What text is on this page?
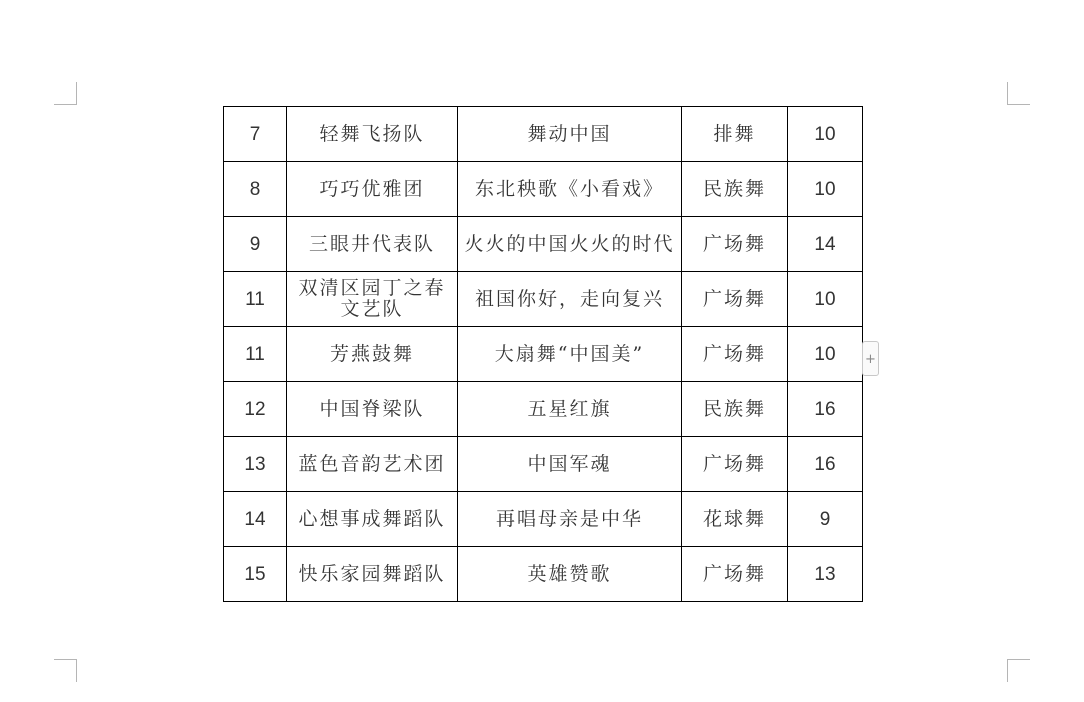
7	轻舞飞扬队	舞动中国	排舞	10
8	巧巧优雅团	东北秧歌《小看戏》	民族舞	10
9	三眼井代表队	火火的中国火火的时代	广场舞	14
11	双清区园丁之春文艺队	祖国你好，走向复兴	广场舞	10
11	芳燕鼓舞	大扇舞“中国美”	广场舞	10
12	中国脊梁队	五星红旗	民族舞	16
13	蓝色音韵艺术团	中国军魂	广场舞	16
14	心想事成舞蹈队	再唱母亲是中华	花球舞	9
15	快乐家园舞蹈队	英雄赞歌	广场舞	13
+
